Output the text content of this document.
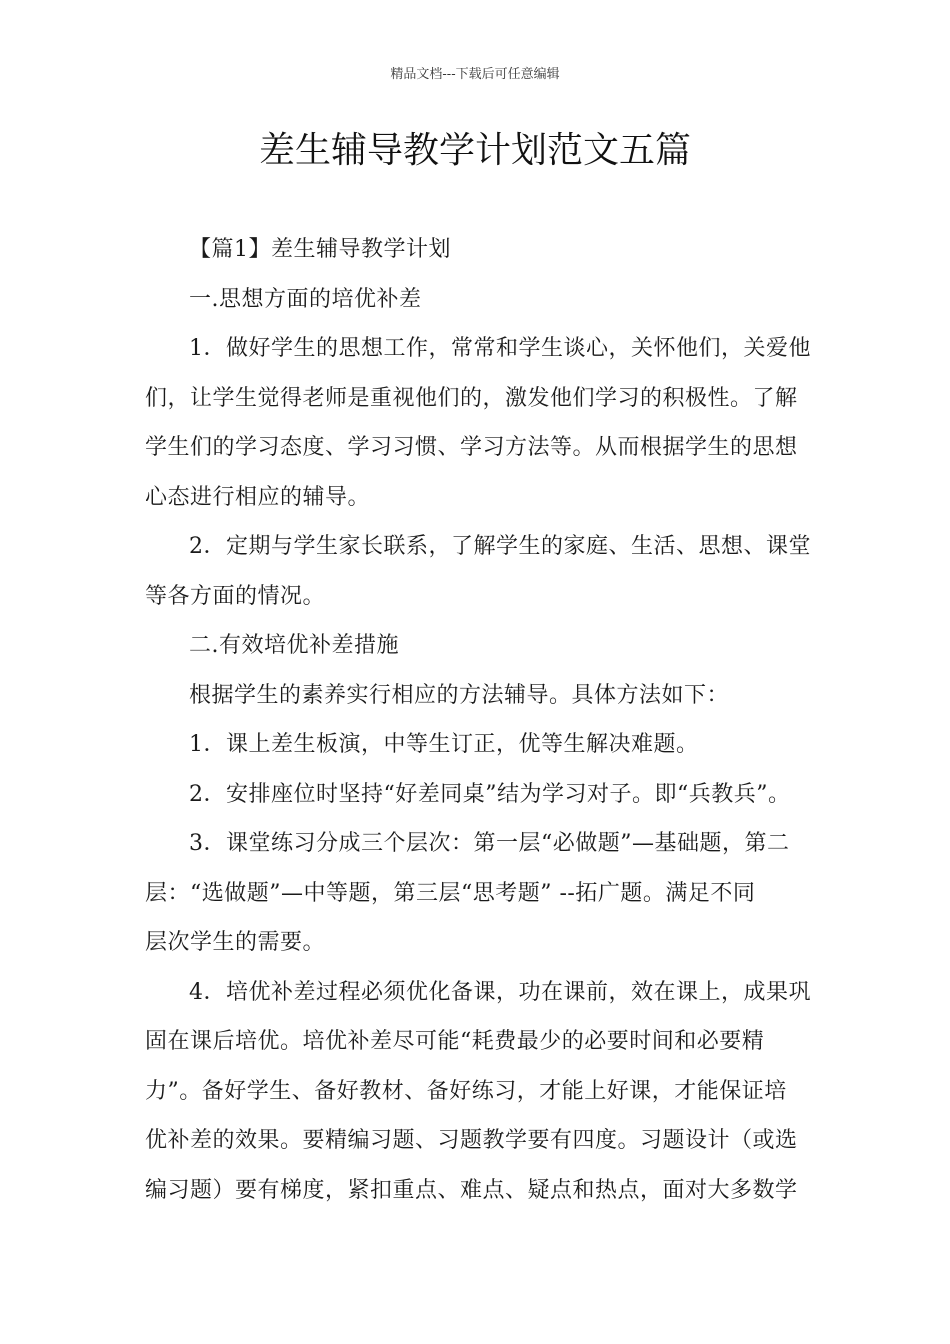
精品文档---下载后可任意编辑
差生辅导教学计划范文五篇

【篇1】差生辅导教学计划

一.思想方面的培优补差

1．做好学生的思想工作，常常和学生谈心，关怀他们，关爱他

们，让学生觉得老师是重视他们的，激发他们学习的积极性。了解

学生们的学习态度、学习习惯、学习方法等。从而根据学生的思想

心态进行相应的辅导。

2．定期与学生家长联系，了解学生的家庭、生活、思想、课堂

等各方面的情况。

二.有效培优补差措施

根据学生的素养实行相应的方法辅导。具体方法如下：

1．课上差生板演，中等生订正，优等生解决难题。

2．安排座位时坚持“好差同桌”结为学习对子。即“兵教兵”。

3．课堂练习分成三个层次：第一层“必做题”—基础题，第二

层：“选做题”—中等题，第三层“思考题” --拓广题。满足不同

层次学生的需要。

4．培优补差过程必须优化备课，功在课前，效在课上，成果巩

固在课后培优。培优补差尽可能“耗费最少的必要时间和必要精

力”。备好学生、备好教材、备好练习，才能上好课，才能保证培

优补差的效果。要精编习题、习题教学要有四度。习题设计（或选

编习题）要有梯度，紧扣重点、难点、疑点和热点，面对大多数学
